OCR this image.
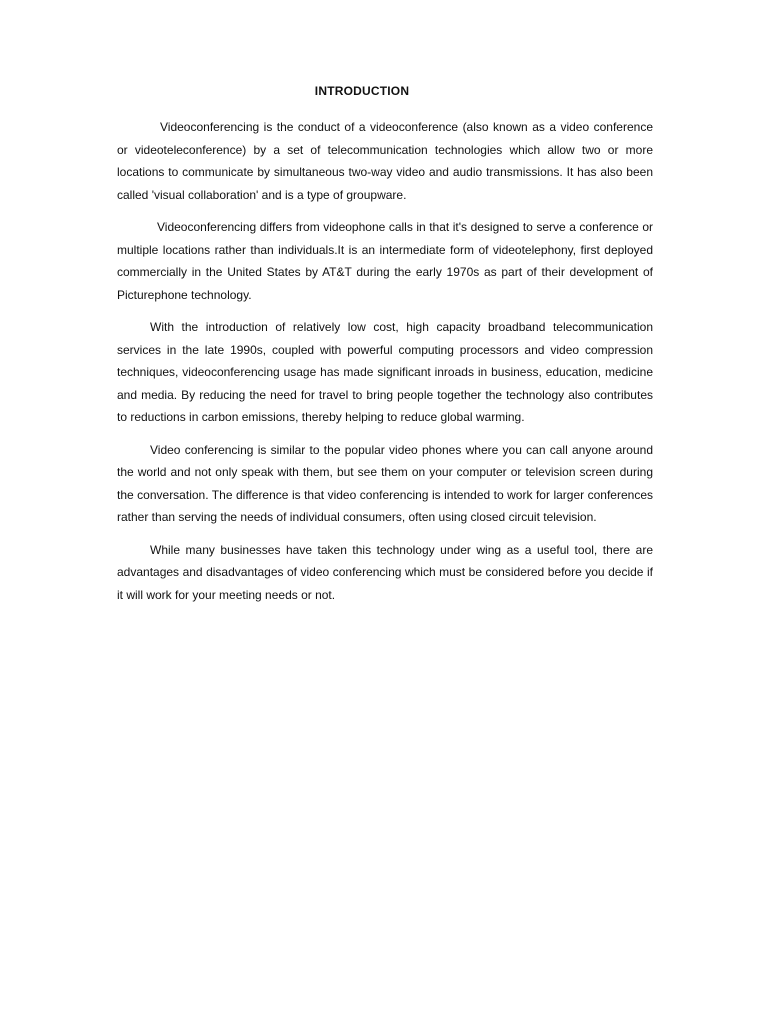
INTRODUCTION

Videoconferencing is the conduct of a videoconference (also known as a video conference or videoteleconference) by a set of telecommunication technologies which allow two or more locations to communicate by simultaneous two-way video and audio transmissions. It has also been called 'visual collaboration' and is a type of groupware.

Videoconferencing differs from videophone calls in that it's designed to serve a conference or multiple locations rather than individuals.It is an intermediate form of videotelephony, first deployed commercially in the United States by AT&T during the early 1970s as part of their development of Picturephone technology.

With the introduction of relatively low cost, high capacity broadband telecommunication services in the late 1990s, coupled with powerful computing processors and video compression techniques, videoconferencing usage has made significant inroads in business, education, medicine and media. By reducing the need for travel to bring people together the technology also contributes to reductions in carbon emissions, thereby helping to reduce global warming.

Video conferencing is similar to the popular video phones where you can call anyone around the world and not only speak with them, but see them on your computer or television screen during the conversation. The difference is that video conferencing is intended to work for larger conferences rather than serving the needs of individual consumers, often using closed circuit television.

While many businesses have taken this technology under wing as a useful tool, there are advantages and disadvantages of video conferencing which must be considered before you decide if it will work for your meeting needs or not.
